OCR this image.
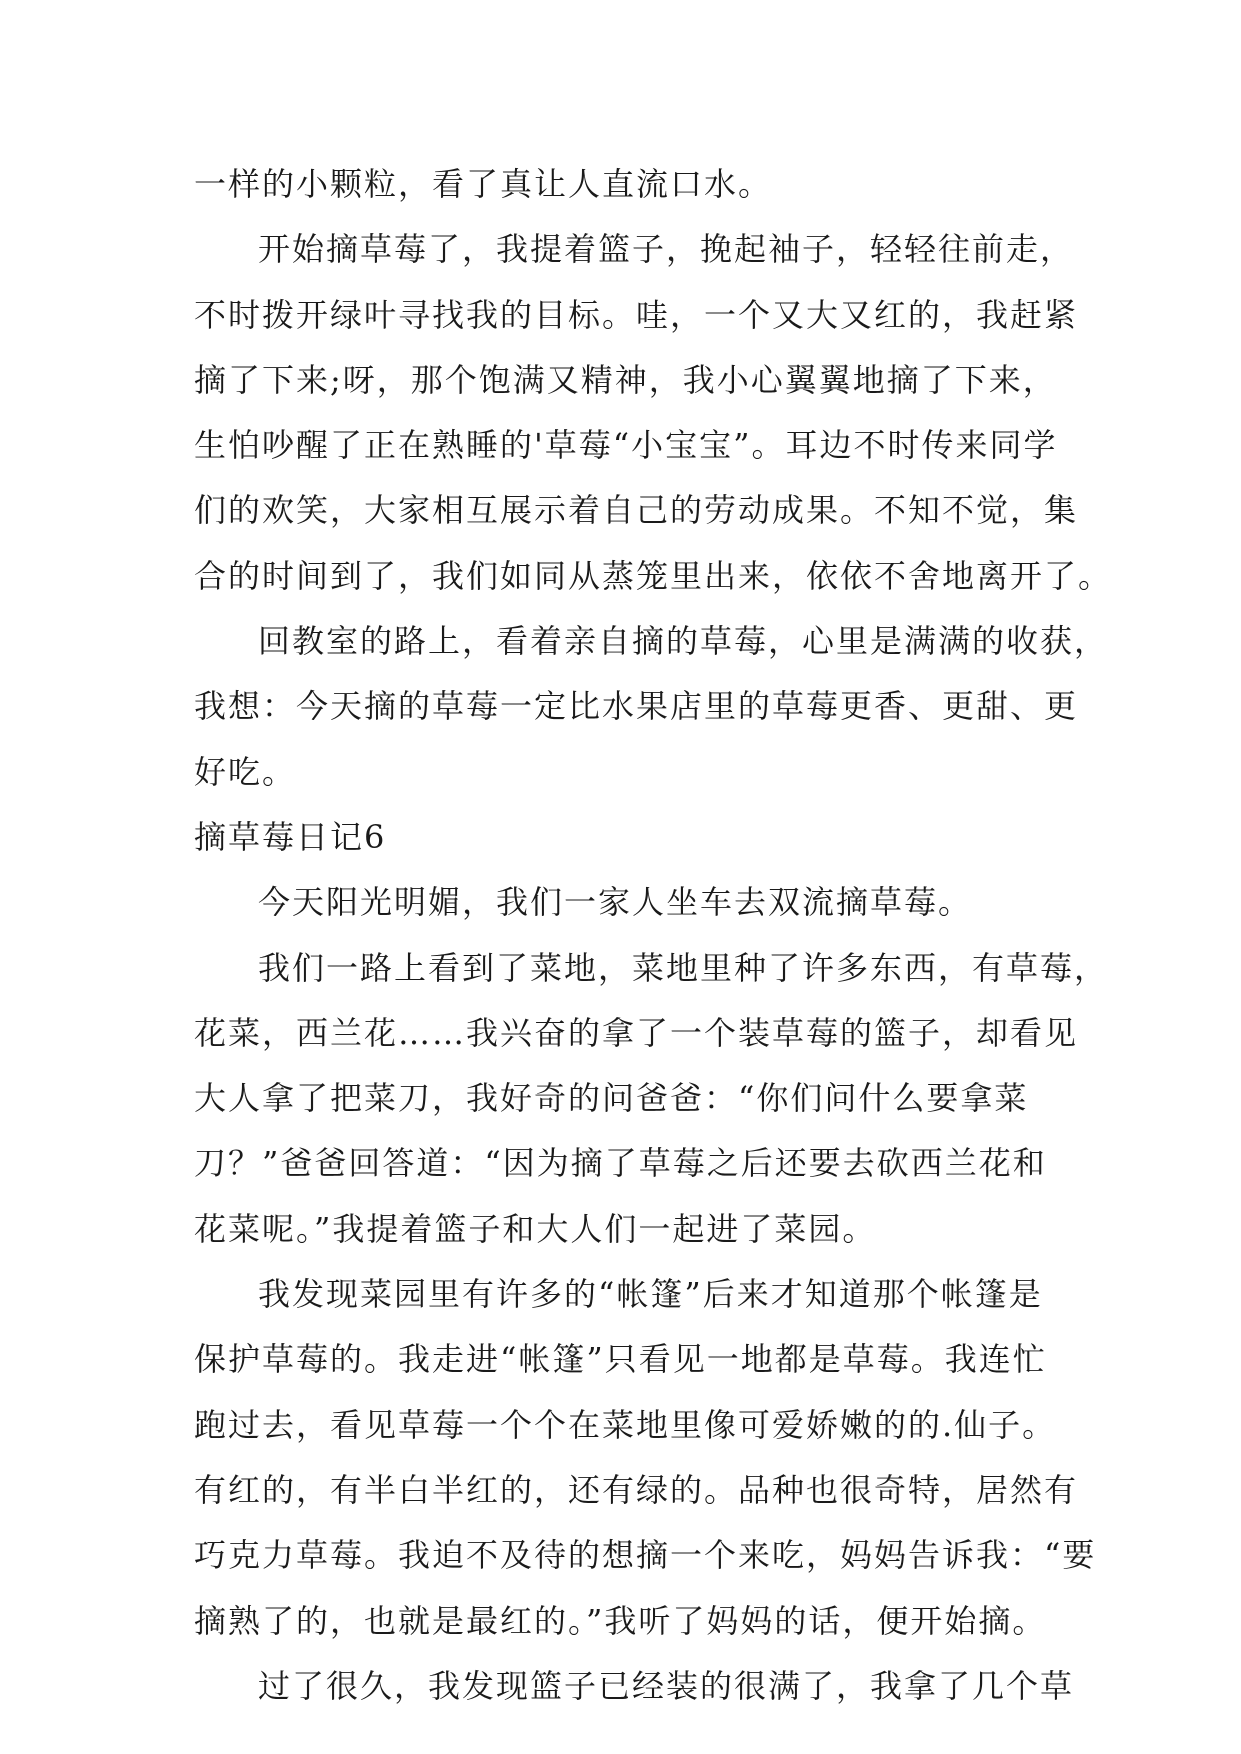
一样的小颗粒，看了真让人直流口水。
开始摘草莓了，我提着篮子，挽起袖子，轻轻往前走，
不时拨开绿叶寻找我的目标。哇，一个又大又红的，我赶紧
摘了下来;呀，那个饱满又精神，我小心翼翼地摘了下来，
生怕吵醒了正在熟睡的'草莓“小宝宝”。耳边不时传来同学
们的欢笑，大家相互展示着自己的劳动成果。不知不觉，集
合的时间到了，我们如同从蒸笼里出来，依依不舍地离开了。
回教室的路上，看着亲自摘的草莓，心里是满满的收获，
我想：今天摘的草莓一定比水果店里的草莓更香、更甜、更
好吃。
摘草莓日记6
今天阳光明媚，我们一家人坐车去双流摘草莓。
我们一路上看到了菜地，菜地里种了许多东西，有草莓，
花菜，西兰花……我兴奋的拿了一个装草莓的篮子，却看见
大人拿了把菜刀，我好奇的问爸爸：“你们问什么要拿菜
刀？”爸爸回答道：“因为摘了草莓之后还要去砍西兰花和
花菜呢。”我提着篮子和大人们一起进了菜园。
我发现菜园里有许多的“帐篷”后来才知道那个帐篷是
保护草莓的。我走进“帐篷”只看见一地都是草莓。我连忙
跑过去，看见草莓一个个在菜地里像可爱娇嫩的的.仙子。
有红的，有半白半红的，还有绿的。品种也很奇特，居然有
巧克力草莓。我迫不及待的想摘一个来吃，妈妈告诉我：“要
摘熟了的，也就是最红的。”我听了妈妈的话，便开始摘。
过了很久，我发现篮子已经装的很满了，我拿了几个草
